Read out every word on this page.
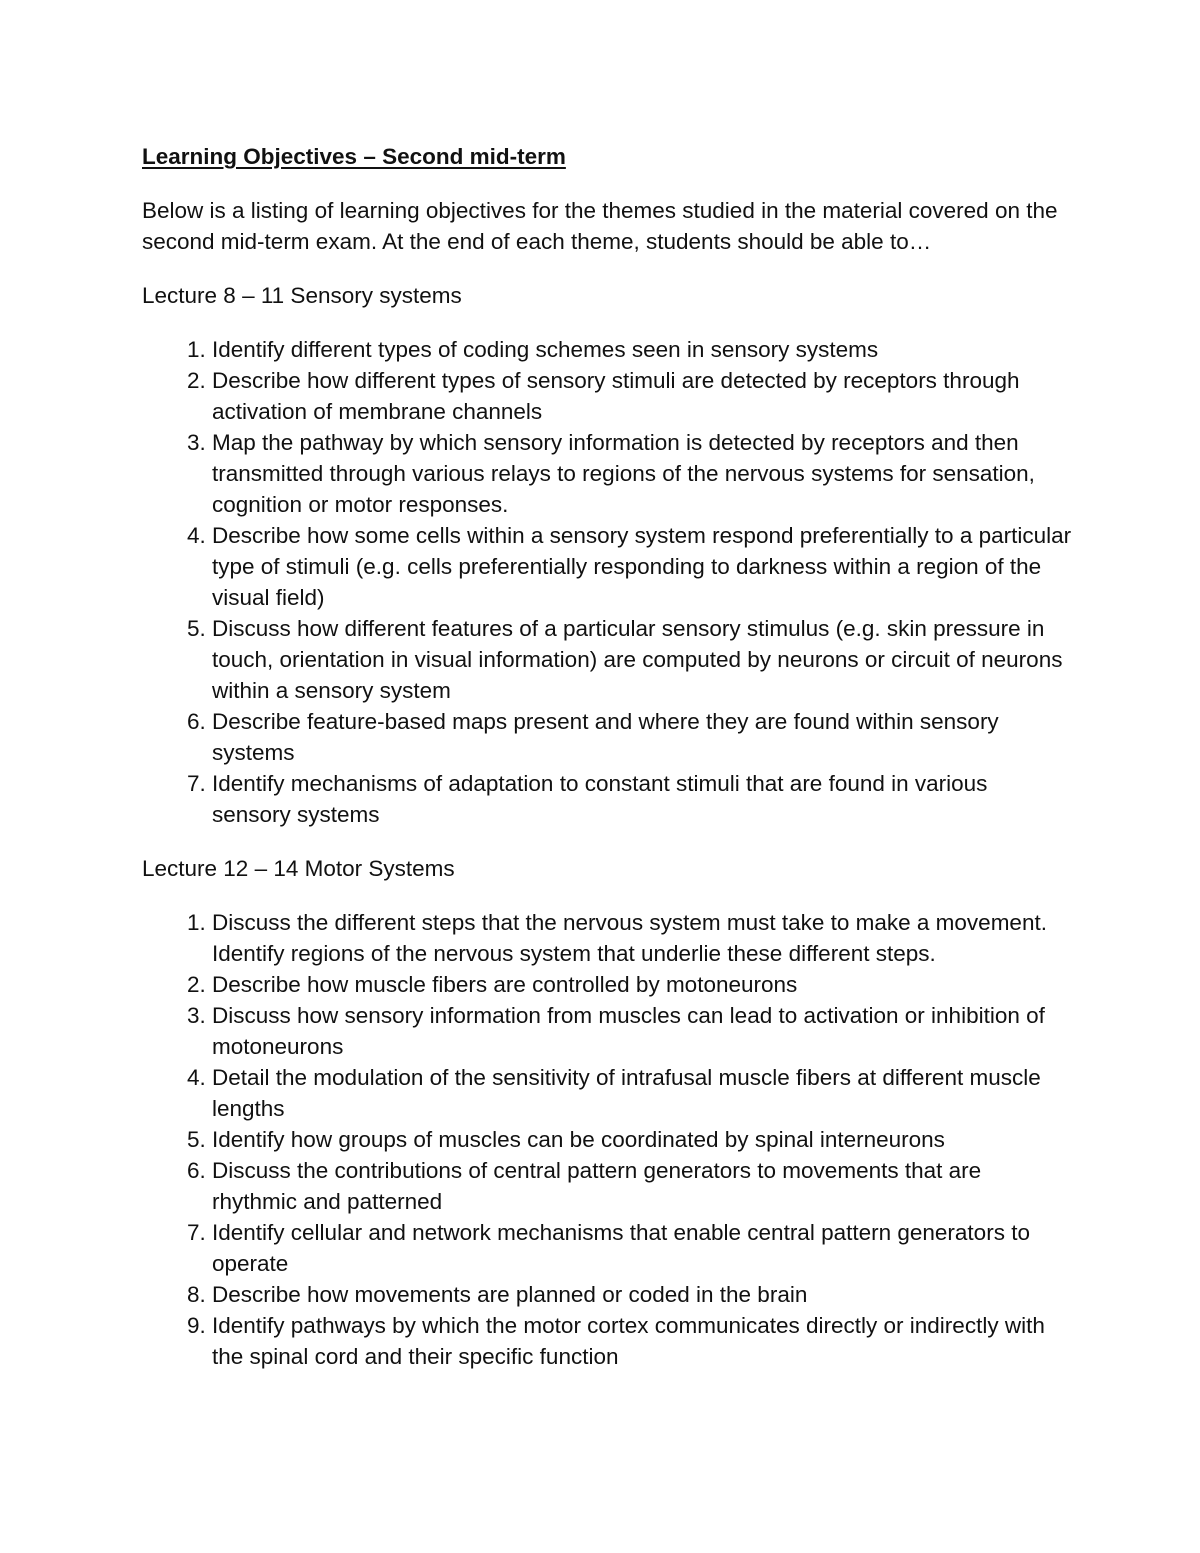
Learning Objectives – Second mid-term
Below is a listing of learning objectives for the themes studied in the material covered on the second mid-term exam. At the end of each theme, students should be able to…
Lecture 8 – 11 Sensory systems
1. Identify different types of coding schemes seen in sensory systems
2. Describe how different types of sensory stimuli are detected by receptors through activation of membrane channels
3. Map the pathway by which sensory information is detected by receptors and then transmitted through various relays to regions of the nervous systems for sensation, cognition or motor responses.
4. Describe how some cells within a sensory system respond preferentially to a particular type of stimuli (e.g. cells preferentially responding to darkness within a region of the visual field)
5. Discuss how different features of a particular sensory stimulus (e.g. skin pressure in touch, orientation in visual information) are computed by neurons or circuit of neurons within a sensory system
6. Describe feature-based maps present and where they are found within sensory systems
7. Identify mechanisms of adaptation to constant stimuli that are found in various sensory systems
Lecture 12 – 14 Motor Systems
1. Discuss the different steps that the nervous system must take to make a movement. Identify regions of the nervous system that underlie these different steps.
2. Describe how muscle fibers are controlled by motoneurons
3. Discuss how sensory information from muscles can lead to activation or inhibition of motoneurons
4. Detail the modulation of the sensitivity of intrafusal muscle fibers at different muscle lengths
5. Identify how groups of muscles can be coordinated by spinal interneurons
6. Discuss the contributions of central pattern generators to movements that are rhythmic and patterned
7. Identify cellular and network mechanisms that enable central pattern generators to operate
8. Describe how movements are planned or coded in the brain
9. Identify pathways by which the motor cortex communicates directly or indirectly with the spinal cord and their specific function
